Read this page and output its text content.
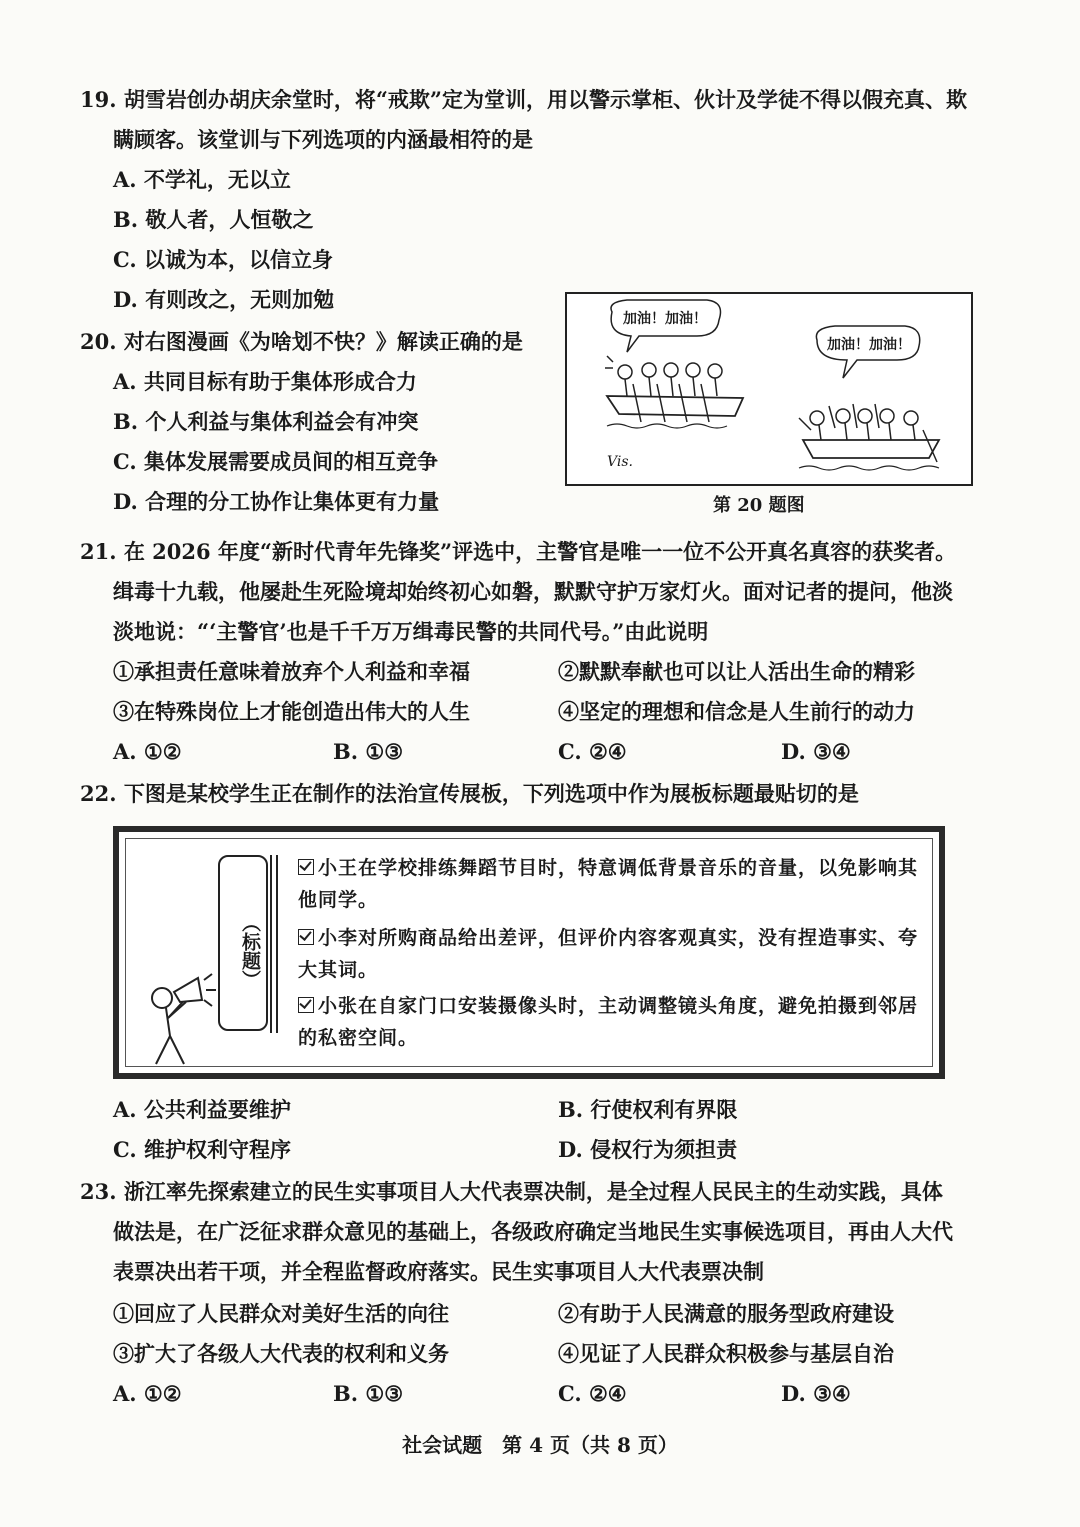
19. 胡雪岩创办胡庆余堂时，将“戒欺”定为堂训，用以警示掌柜、伙计及学徒不得以假充真、欺
瞒顾客。该堂训与下列选项的内涵最相符的是
A. 不学礼，无以立
B. 敬人者，人恒敬之
C. 以诚为本，以信立身
D. 有则改之，无则加勉
20. 对右图漫画《为啥划不快？》解读正确的是
A. 共同目标有助于集体形成合力
B. 个人利益与集体利益会有冲突
C. 集体发展需要成员间的相互竞争
D. 合理的分工协作让集体更有力量
加油！加油！
加油！加油！
Vis.
第 20 题图
21. 在 2026 年度“新时代青年先锋奖”评选中，主警官是唯一一位不公开真名真容的获奖者。
缉毒十九载，他屡赴生死险境却始终初心如磐，默默守护万家灯火。面对记者的提问，他淡
淡地说：“‘主警官’也是千千万万缉毒民警的共同代号。”由此说明
①承担责任意味着放弃个人利益和幸福	②默默奉献也可以让人活出生命的精彩
③在特殊岗位上才能创造出伟大的人生	④坚定的理想和信念是人生前行的动力
A. ①②	B. ①③	C. ②④	D. ③④
22. 下图是某校学生正在制作的法治宣传展板，下列选项中作为展板标题最贴切的是
（标题）
小王在学校排练舞蹈节目时，特意调低背景音乐的音量，以免影响其他同学。
小李对所购商品给出差评，但评价内容客观真实，没有捏造事实、夸大其词。
小张在自家门口安装摄像头时，主动调整镜头角度，避免拍摄到邻居的私密空间。
A. 公共利益要维护	B. 行使权利有界限
C. 维护权利守程序	D. 侵权行为须担责
23. 浙江率先探索建立的民生实事项目人大代表票决制，是全过程人民民主的生动实践，具体
做法是，在广泛征求群众意见的基础上，各级政府确定当地民生实事候选项目，再由人大代
表票决出若干项，并全程监督政府落实。民生实事项目人大代表票决制
①回应了人民群众对美好生活的向往	②有助于人民满意的服务型政府建设
③扩大了各级人大代表的权利和义务	④见证了人民群众积极参与基层自治
A. ①②	B. ①③	C. ②④	D. ③④
社会试题　第 4 页（共 8 页）
